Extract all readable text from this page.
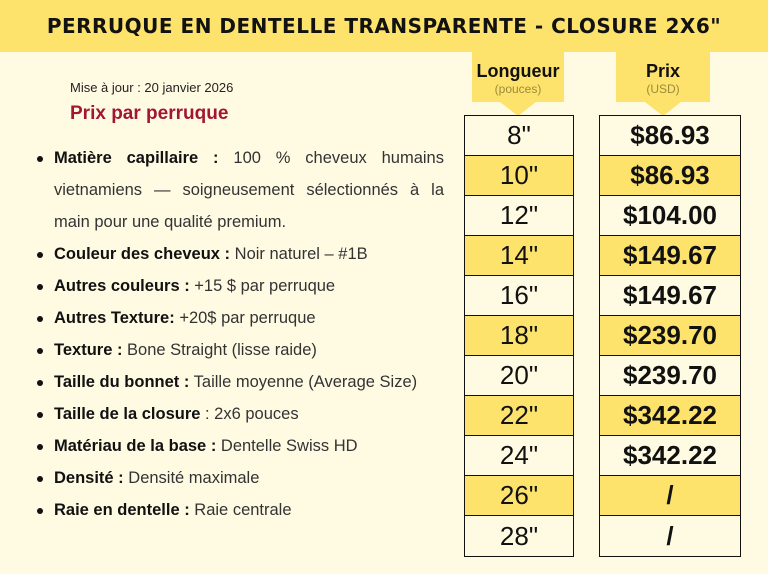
PERRUQUE EN DENTELLE TRANSPARENTE - CLOSURE 2X6"
Mise à jour : 20 janvier 2026
Prix par perruque
Matière capillaire : 100 % cheveux humains vietnamiens — soigneusement sélectionnés à la main pour une qualité premium.
Couleur des cheveux : Noir naturel – #1B
Autres couleurs : +15 $ par perruque
Autres Texture: +20$ par perruque
Texture : Bone Straight (lisse raide)
Taille du bonnet : Taille moyenne (Average Size)
Taille de la closure : 2x6 pouces
Matériau de la base : Dentelle Swiss HD
Densité : Densité maximale
Raie en dentelle : Raie centrale
Longueur
(pouces)
8"
10"
12"
14"
16"
18"
20"
22"
24"
26"
28"
Prix
(USD)
$86.93
$86.93
$104.00
$149.67
$149.67
$239.70
$239.70
$342.22
$342.22
/
/
